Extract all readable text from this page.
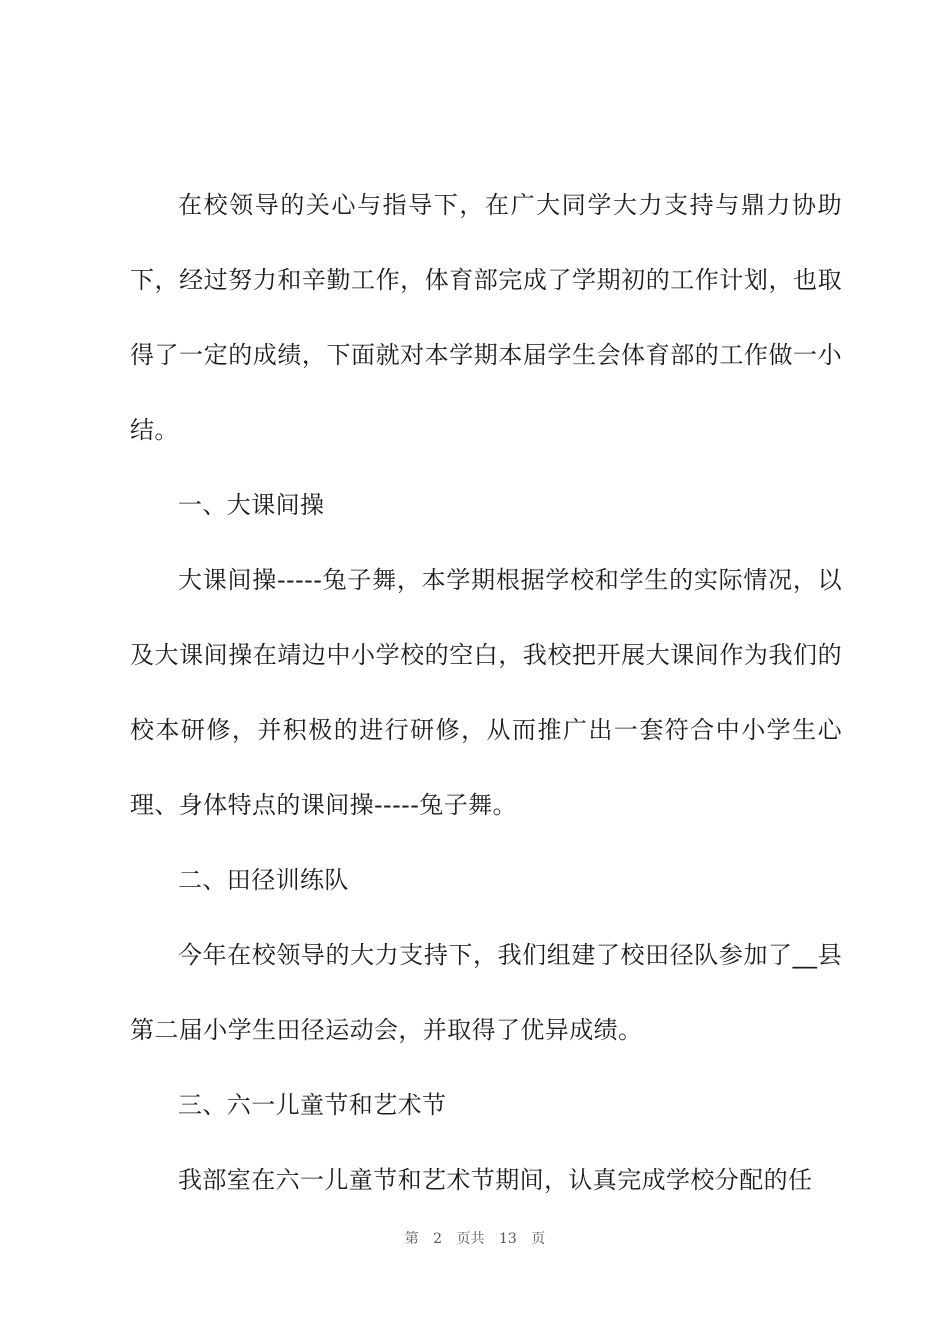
在校领导的关心与指导下，在广大同学大力支持与鼎力协助下，经过努力和辛勤工作，体育部完成了学期初的工作计划，也取得了一定的成绩，下面就对本学期本届学生会体育部的工作做一小结。

一、大课间操

大课间操-----兔子舞，本学期根据学校和学生的实际情况，以及大课间操在靖边中小学校的空白，我校把开展大课间作为我们的校本研修，并积极的进行研修，从而推广出一套符合中小学生心理、身体特点的课间操-----兔子舞。

二、田径训练队

今年在校领导的大力支持下，我们组建了校田径队参加了__县第二届小学生田径运动会，并取得了优异成绩。

三、六一儿童节和艺术节

我部室在六一儿童节和艺术节期间，认真完成学校分配的任

第 2 页共 13 页
